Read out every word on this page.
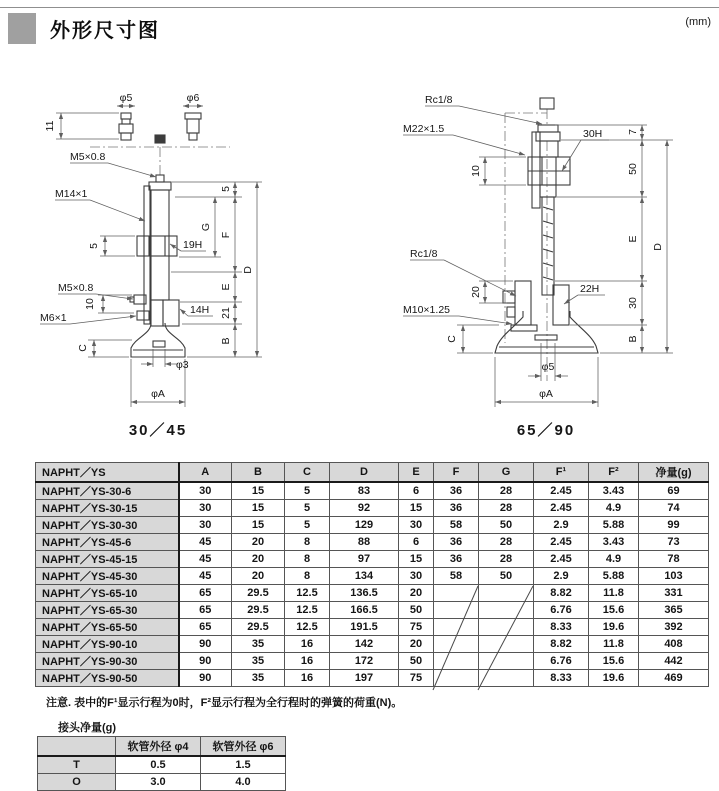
外形尺寸图	(mm)
φ5	φ6
11
M5×0.8
M14×1
19H
5
M5×0.8
10
M6×1
14H
C
φ3
φA
5
G
F
E
21
B
D
30／45
Rc1/8
M22×1.5	30H
10
Rc1/8
20
M10×1.25
22H
C
φ5
φA
7
50
E
30
B
D
65／90
NAPHT／YS	A	B	C	D	E	F	G	F¹	F²	净量(g)
NAPHT／YS-30-6	30	15	5	83	6	36	28	2.45	3.43	69
NAPHT／YS-30-15	30	15	5	92	15	36	28	2.45	4.9	74
NAPHT／YS-30-30	30	15	5	129	30	58	50	2.9	5.88	99
NAPHT／YS-45-6	45	20	8	88	6	36	28	2.45	3.43	73
NAPHT／YS-45-15	45	20	8	97	15	36	28	2.45	4.9	78
NAPHT／YS-45-30	45	20	8	134	30	58	50	2.9	5.88	103
NAPHT／YS-65-10	65	29.5	12.5	136.5	20			8.82	11.8	331
NAPHT／YS-65-30	65	29.5	12.5	166.5	50			6.76	15.6	365
NAPHT／YS-65-50	65	29.5	12.5	191.5	75			8.33	19.6	392
NAPHT／YS-90-10	90	35	16	142	20			8.82	11.8	408
NAPHT／YS-90-30	90	35	16	172	50			6.76	15.6	442
NAPHT／YS-90-50	90	35	16	197	75			8.33	19.6	469
注意. 表中的F¹显示行程为0时，F²显示行程为全行程时的弹簧的荷重(N)。
接头净量(g)
	软管外径 φ4	软管外径 φ6
T	0.5	1.5
O	3.0	4.0
